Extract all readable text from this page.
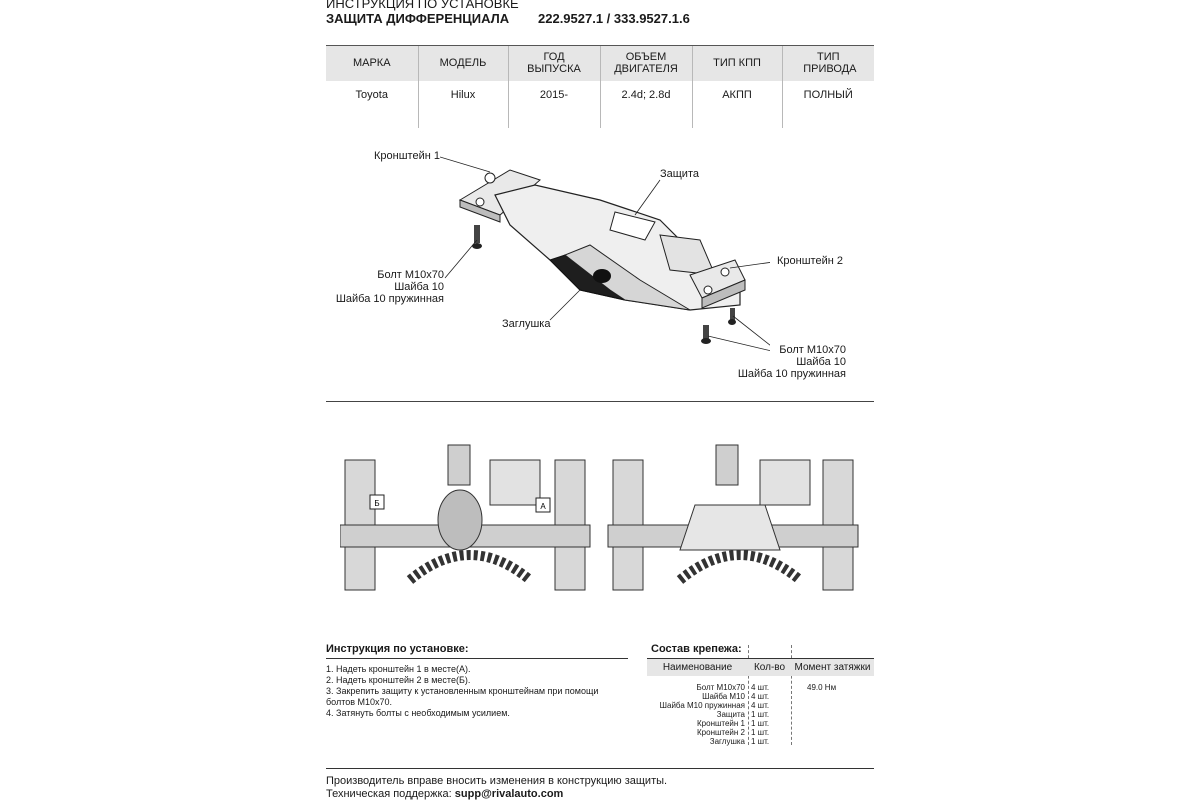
ИНСТРУКЦИЯ ПО УСТАНОВКЕ
ЗАЩИТА ДИФФЕРЕНЦИАЛА 222.9527.1 / 333.9527.1.6
МАРКА	МОДЕЛЬ	ГОД ВЫПУСКА	ОБЪЕМ ДВИГАТЕЛЯ	ТИП КПП	ТИП ПРИВОДА
Toyota	Hilux	2015-	2.4d; 2.8d	АКПП	ПОЛНЫЙ
Кронштейн 1
Защита
Кронштейн 2
Болт М10х70
Шайба 10
Шайба 10 пружинная
Заглушка
Болт М10х70
Шайба 10
Шайба 10 пружинная
Б	А
Инструкция по установке:
1. Надеть кронштейн 1 в месте(А).
2. Надеть кронштейн 2 в месте(Б).
3. Закрепить защиту к установленным кронштейнам при помощи
болтов М10х70.
4. Затянуть болты с необходимым усилием.
Состав крепежа:
Наименование	Кол-во	Момент затяжки
Болт М10х70	4 шт.	49.0 Нм
Шайба М10	4 шт.	
Шайба М10 пружинная	4 шт.	
Защита	1 шт.	
Кронштейн 1	1 шт.	
Кронштейн 2	1 шт.	
Заглушка	1 шт.	
Производитель вправе вносить изменения в конструкцию защиты.
Техническая поддержка: supp@rivalauto.com
